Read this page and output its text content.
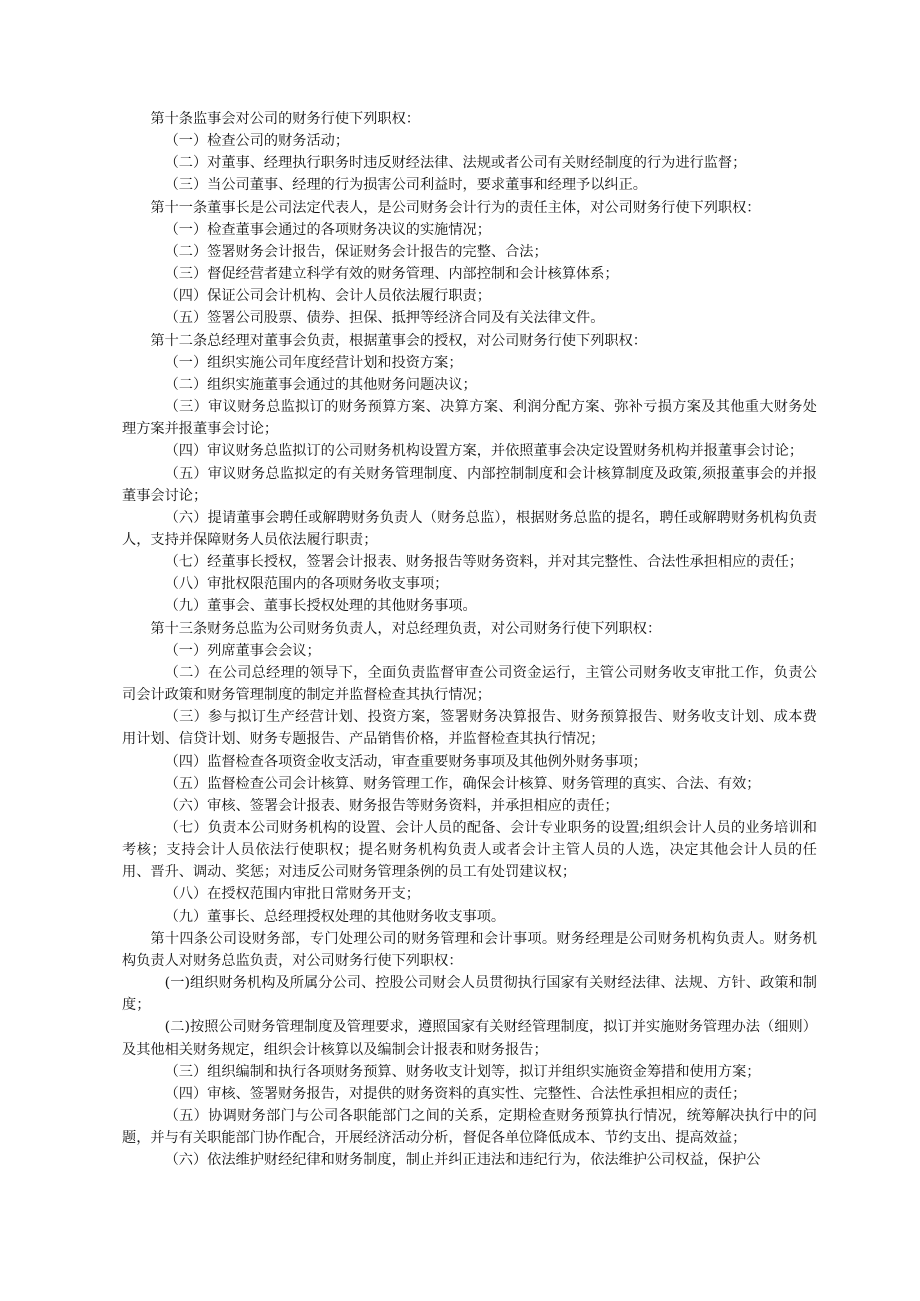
第十条监事会对公司的财务行使下列职权：

（一）检查公司的财务活动；

（二）对董事、经理执行职务时违反财经法律、法规或者公司有关财经制度的行为进行监督；

（三）当公司董事、经理的行为损害公司利益时，要求董事和经理予以纠正。

第十一条董事长是公司法定代表人，是公司财务会计行为的责任主体，对公司财务行使下列职权：

（一）检查董事会通过的各项财务决议的实施情况；

（二）签署财务会计报告，保证财务会计报告的完整、合法；

（三）督促经营者建立科学有效的财务管理、内部控制和会计核算体系；

（四）保证公司会计机构、会计人员依法履行职责；

（五）签署公司股票、债券、担保、抵押等经济合同及有关法律文件。

第十二条总经理对董事会负责，根据董事会的授权，对公司财务行使下列职权：

（一）组织实施公司年度经营计划和投资方案；

（二）组织实施董事会通过的其他财务问题决议；

（三）审议财务总监拟订的财务预算方案、决算方案、利润分配方案、弥补亏损方案及其他重大财务处理方案并报董事会讨论；

（四）审议财务总监拟订的公司财务机构设置方案，并依照董事会决定设置财务机构并报董事会讨论；

（五）审议财务总监拟定的有关财务管理制度、内部控制制度和会计核算制度及政策,须报董事会的并报董事会讨论；

（六）提请董事会聘任或解聘财务负责人（财务总监），根据财务总监的提名，聘任或解聘财务机构负责人，支持并保障财务人员依法履行职责；

（七）经董事长授权，签署会计报表、财务报告等财务资料，并对其完整性、合法性承担相应的责任；

（八）审批权限范围内的各项财务收支事项；

（九）董事会、董事长授权处理的其他财务事项。

第十三条财务总监为公司财务负责人，对总经理负责，对公司财务行使下列职权：

（一）列席董事会会议；

（二）在公司总经理的领导下，全面负责监督审查公司资金运行，主管公司财务收支审批工作，负责公司会计政策和财务管理制度的制定并监督检查其执行情况；

（三）参与拟订生产经营计划、投资方案，签署财务决算报告、财务预算报告、财务收支计划、成本费用计划、信贷计划、财务专题报告、产品销售价格，并监督检查其执行情况；

（四）监督检查各项资金收支活动，审查重要财务事项及其他例外财务事项；

（五）监督检查公司会计核算、财务管理工作，确保会计核算、财务管理的真实、合法、有效；

（六）审核、签署会计报表、财务报告等财务资料，并承担相应的责任；

（七）负责本公司财务机构的设置、会计人员的配备、会计专业职务的设置;组织会计人员的业务培训和考核；支持会计人员依法行使职权；提名财务机构负责人或者会计主管人员的人选，决定其他会计人员的任用、晋升、调动、奖惩；对违反公司财务管理条例的员工有处罚建议权；

（八）在授权范围内审批日常财务开支；

（九）董事长、总经理授权处理的其他财务收支事项。

第十四条公司设财务部，专门处理公司的财务管理和会计事项。财务经理是公司财务机构负责人。财务机构负责人对财务总监负责，对公司财务行使下列职权：

(一)组织财务机构及所属分公司、控股公司财会人员贯彻执行国家有关财经法律、法规、方针、政策和制度；

(二)按照公司财务管理制度及管理要求，遵照国家有关财经管理制度，拟订并实施财务管理办法（细则）及其他相关财务规定，组织会计核算以及编制会计报表和财务报告；

（三）组织编制和执行各项财务预算、财务收支计划等，拟订并组织实施资金筹措和使用方案；

（四）审核、签署财务报告，对提供的财务资料的真实性、完整性、合法性承担相应的责任；

（五）协调财务部门与公司各职能部门之间的关系，定期检查财务预算执行情况，统筹解决执行中的问题，并与有关职能部门协作配合，开展经济活动分析，督促各单位降低成本、节约支出、提高效益；

（六）依法维护财经纪律和财务制度，制止并纠正违法和违纪行为，依法维护公司权益，保护公
